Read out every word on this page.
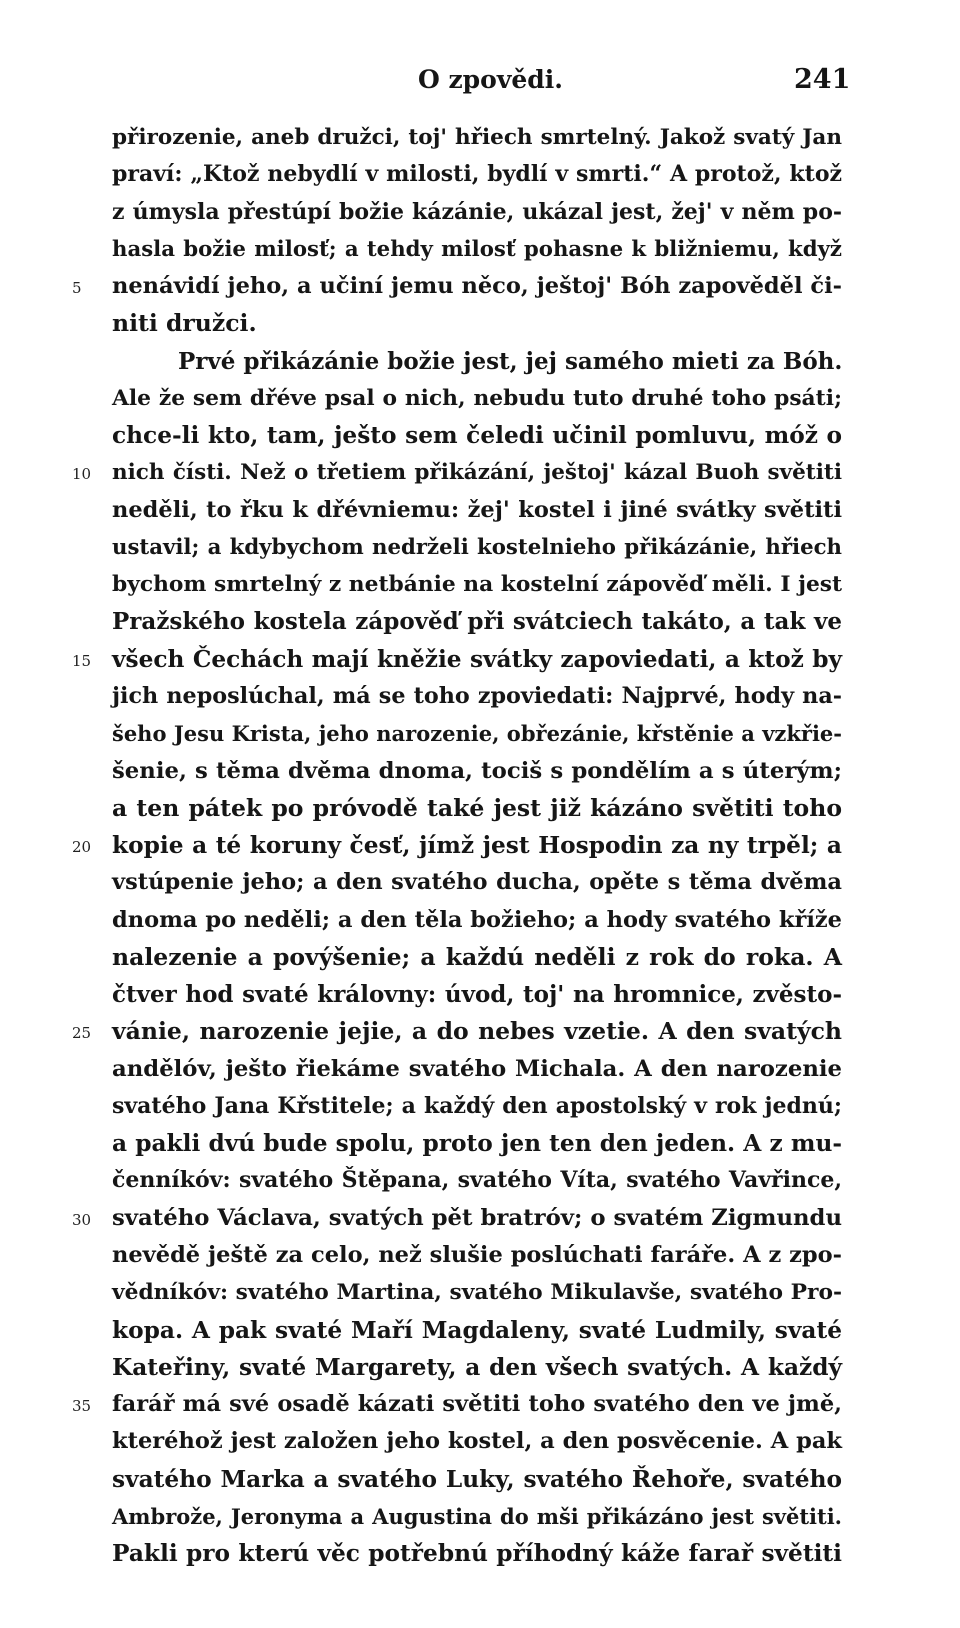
O zpovědi.	241
přirozenie, aneb družci, toj' hřiech smrtelný. Jakož svatý Jan
praví: „Ktož nebydlí v milosti, bydlí v smrti.“ A protož, ktož
z úmysla přestúpí božie kázánie, ukázal jest, žej' v něm po-
hasla božie milosť; a tehdy milosť pohasne k bližniemu, když
5	nenávidí jeho, a učiní jemu něco, ještoj' Bóh zapověděl či-
niti družci.
Prvé přikázánie božie jest, jej samého mieti za Bóh.
Ale že sem dřéve psal o nich, nebudu tuto druhé toho psáti;
chce-li kto, tam, ješto sem čeledi učinil pomluvu, móž o
10 nich čísti. Než o třetiem přikázání, ještoj' kázal Buoh světiti
neděli, to řku k dřévniemu: žej' kostel i jiné svátky světiti
ustavil; a kdybychom nedrželi kostelnieho přikázánie, hřiech
bychom smrtelný z netbánie na kostelní zápověď měli. I jest
Pražského kostela zápověď při svátciech takáto, a tak ve
15 všech Čechách mají kněžie svátky zapoviedati, a ktož by
jich neposlúchal, má se toho zpoviedati: Najprvé, hody na-
šeho Jesu Krista, jeho narozenie, obřezánie, křstěnie a vzkřie-
šenie, s těma dvěma dnoma, tociš s pondělím a s úterým;
a ten pátek po próvodě také jest již kázáno světiti toho
20 kopie a té koruny česť, jímž jest Hospodin za ny trpěl; a
vstúpenie jeho; a den svatého ducha, opěte s těma dvěma
dnoma po neděli; a den těla božieho; a hody svatého kříže
nalezenie a povýšenie; a každú neděli z rok do roka. A
čtver hod svaté královny: úvod, toj' na hromnice, zvěsto-
25 vánie, narozenie jejie, a do nebes vzetie. A den svatých
andělóv, ješto řiekáme svatého Michala. A den narozenie
svatého Jana Křstitele; a každý den apostolský v rok jednú;
a pakli dvú bude spolu, proto jen ten den jeden. A z mu-
čenníkóv: svatého Štěpana, svatého Víta, svatého Vavřince,
30 svatého Václava, svatých pět bratróv; o svatém Zigmundu
nevědě ještě za celo, než slušie poslúchati faráře. A z zpo-
vědníkóv: svatého Martina, svatého Mikulavše, svatého Pro-
kopa. A pak svaté Maří Magdaleny, svaté Ludmily, svaté
Kateřiny, svaté Margarety, a den všech svatých. A každý
35 farář má své osadě kázati světiti toho svatého den ve jmě,
kteréhož jest založen jeho kostel, a den posvěcenie. A pak
svatého Marka a svatého Luky, svatého Řehoře, svatého
Ambrože, Jeronyma a Augustina do mši přikázáno jest světiti.
Pakli pro kterú věc potřebnú příhodný káže farař světiti
